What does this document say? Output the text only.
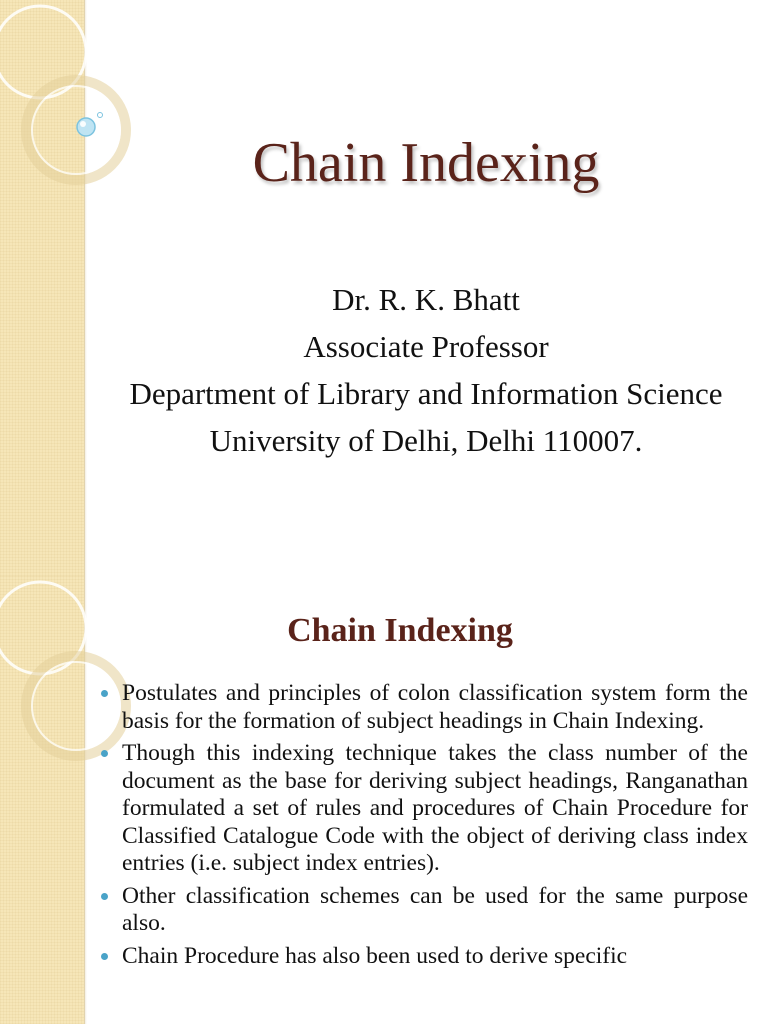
Chain Indexing
Dr. R. K. Bhatt
Associate Professor
Department of Library and Information Science
University of Delhi, Delhi 110007.
Chain Indexing
Postulates and principles of colon classification system form the basis for the formation of subject headings in Chain Indexing.
Though this indexing technique takes the class number of the document as the base for deriving subject headings, Ranganathan formulated a set of rules and procedures of Chain Procedure for Classified Catalogue Code with the object of deriving class index entries (i.e. subject index entries).
Other classification schemes can be used for the same purpose also.
Chain Procedure has also been used to derive specific
